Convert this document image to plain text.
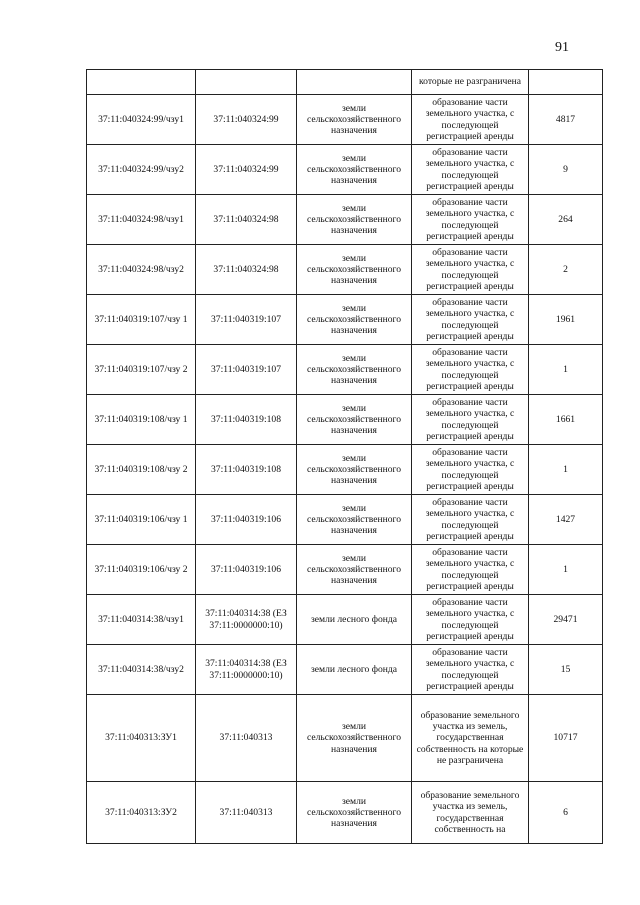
91
			которые не разграничена	
37:11:040324:99/чзу1	37:11:040324:99	земли сельскохозяйственного назначения	образование части земельного участка, с последующей регистрацией аренды	4817
37:11:040324:99/чзу2	37:11:040324:99	земли сельскохозяйственного назначения	образование части земельного участка, с последующей регистрацией аренды	9
37:11:040324:98/чзу1	37:11:040324:98	земли сельскохозяйственного назначения	образование части земельного участка, с последующей регистрацией аренды	264
37:11:040324:98/чзу2	37:11:040324:98	земли сельскохозяйственного назначения	образование части земельного участка, с последующей регистрацией аренды	2
37:11:040319:107/чзу 1	37:11:040319:107	земли сельскохозяйственного назначения	образование части земельного участка, с последующей регистрацией аренды	1961
37:11:040319:107/чзу 2	37:11:040319:107	земли сельскохозяйственного назначения	образование части земельного участка, с последующей регистрацией аренды	1
37:11:040319:108/чзу 1	37:11:040319:108	земли сельскохозяйственного назначения	образование части земельного участка, с последующей регистрацией аренды	1661
37:11:040319:108/чзу 2	37:11:040319:108	земли сельскохозяйственного назначения	образование части земельного участка, с последующей регистрацией аренды	1
37:11:040319:106/чзу 1	37:11:040319:106	земли сельскохозяйственного назначения	образование части земельного участка, с последующей регистрацией аренды	1427
37:11:040319:106/чзу 2	37:11:040319:106	земли сельскохозяйственного назначения	образование части земельного участка, с последующей регистрацией аренды	1
37:11:040314:38/чзу1	37:11:040314:38 (ЕЗ 37:11:0000000:10)	земли лесного фонда	образование части земельного участка, с последующей регистрацией аренды	29471
37:11:040314:38/чзу2	37:11:040314:38 (ЕЗ 37:11:0000000:10)	земли лесного фонда	образование части земельного участка, с последующей регистрацией аренды	15
37:11:040313:ЗУ1	37:11:040313	земли сельскохозяйственного назначения	образование земельного участка из земель, государственная собственность на которые не разграничена	10717
37:11:040313:ЗУ2	37:11:040313	земли сельскохозяйственного назначения	образование земельного участка из земель, государственная собственность на	6
